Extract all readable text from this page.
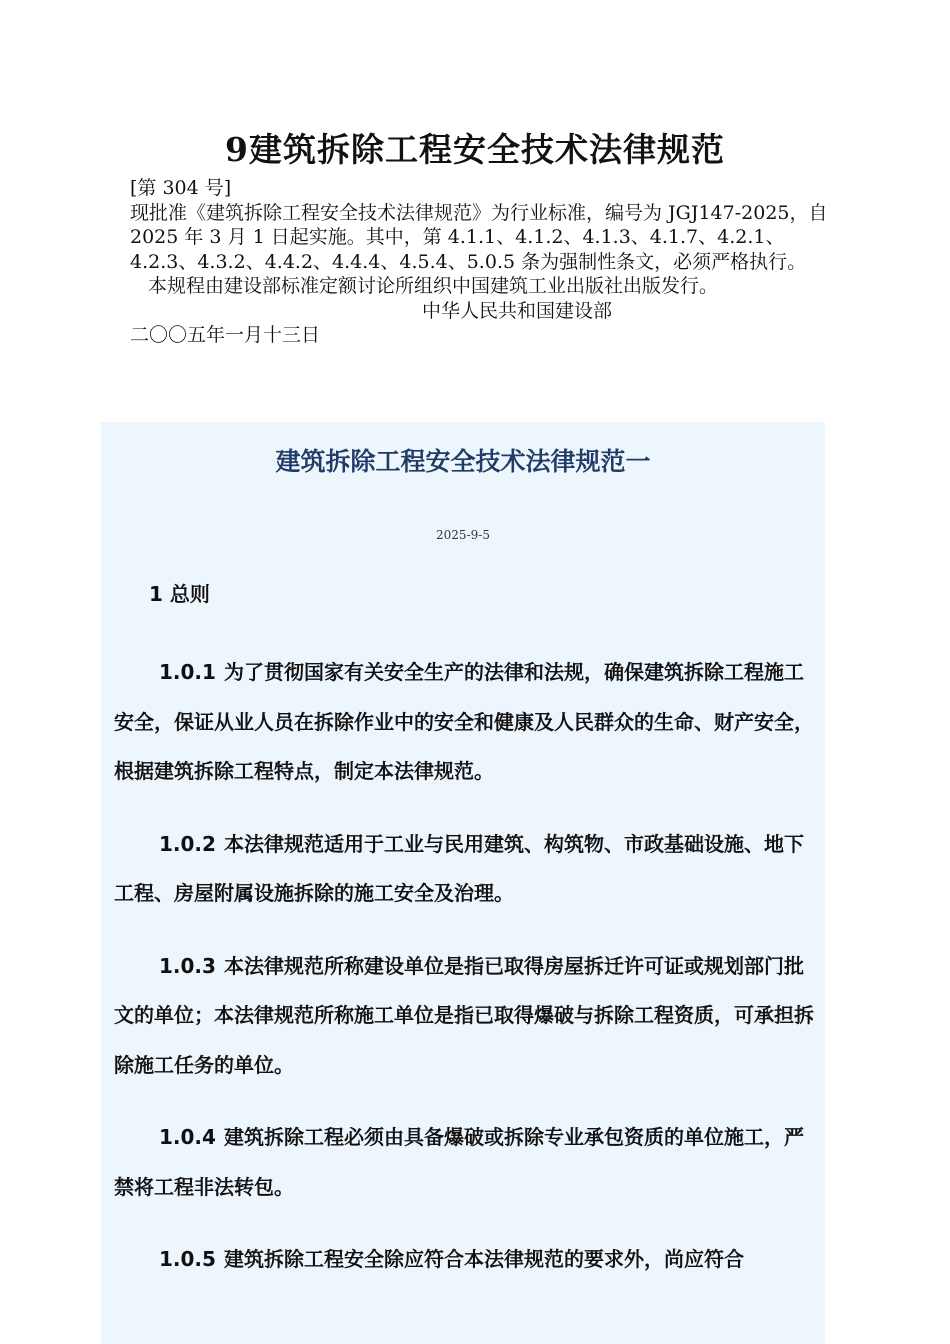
9建筑拆除工程安全技术法律规范

[第 304 号]

现批准《建筑拆除工程安全技术法律规范》为行业标准，编号为 JGJ147-2025，自 2025 年 3 月 1 日起实施。其中，第 4.1.1、4.1.2、4.1.3、4.1.7、4.2.1、4.2.3、4.3.2、4.4.2、4.4.4、4.5.4、5.0.5 条为强制性条文，必须严格执行。

本规程由建设部标准定额讨论所组织中国建筑工业出版社出版发行。

中华人民共和国建设部

二〇〇五年一月十三日

建筑拆除工程安全技术法律规范一
2025-9-5
1 总则

1.0.1 为了贯彻国家有关安全生产的法律和法规，确保建筑拆除工程施工安全，保证从业人员在拆除作业中的安全和健康及人民群众的生命、财产安全，根据建筑拆除工程特点，制定本法律规范。

1.0.2 本法律规范适用于工业与民用建筑、构筑物、市政基础设施、地下工程、房屋附属设施拆除的施工安全及治理。

1.0.3 本法律规范所称建设单位是指已取得房屋拆迁许可证或规划部门批文的单位；本法律规范所称施工单位是指已取得爆破与拆除工程资质，可承担拆除施工任务的单位。

1.0.4 建筑拆除工程必须由具备爆破或拆除专业承包资质的单位施工，严禁将工程非法转包。

1.0.5 建筑拆除工程安全除应符合本法律规范的要求外，尚应符合
